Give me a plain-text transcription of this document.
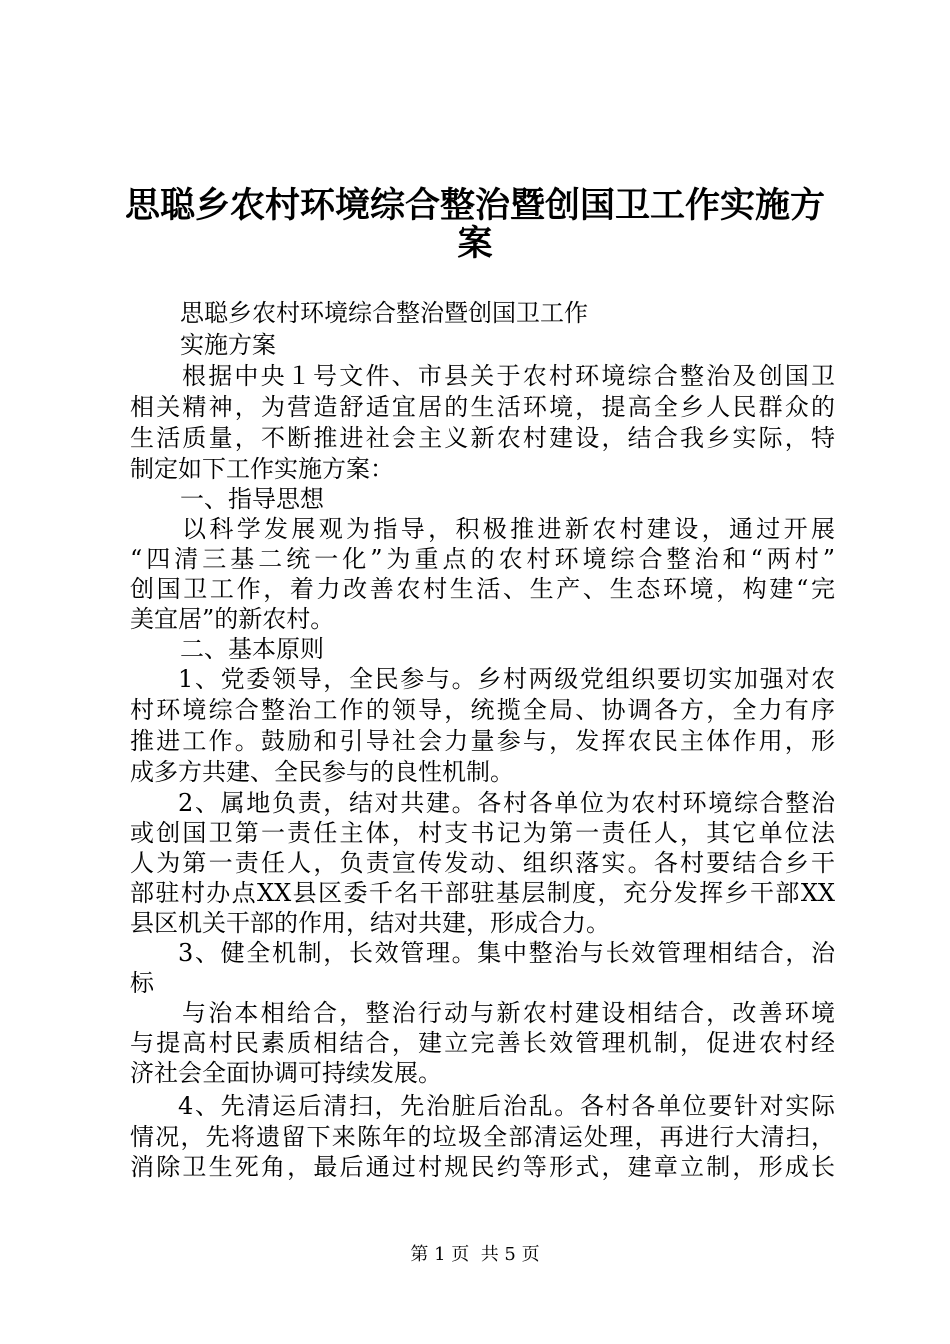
思聪乡农村环境综合整治暨创国卫工作实施方
案

思聪乡农村环境综合整治暨创国卫工作

实施方案

根据中央１号文件、市县关于农村环境综合整治及创国卫

相关精神，为营造舒适宜居的生活环境，提高全乡人民群众的

生活质量，不断推进社会主义新农村建设，结合我乡实际，特

制定如下工作实施方案：

一、指导思想

以科学发展观为指导，积极推进新农村建设，通过开展

“四清三基二统一化”为重点的农村环境综合整治和“两村”

创国卫工作，着力改善农村生活、生产、生态环境，构建“完

美宜居”的新农村。

二、基本原则

1、党委领导，全民参与。乡村两级党组织要切实加强对农

村环境综合整治工作的领导，统揽全局、协调各方，全力有序

推进工作。鼓励和引导社会力量参与，发挥农民主体作用，形

成多方共建、全民参与的良性机制。

2、属地负责，结对共建。各村各单位为农村环境综合整治

或创国卫第一责任主体，村支书记为第一责任人，其它单位法

人为第一责任人，负责宣传发动、组织落实。各村要结合乡干

部驻村办点XX县区委千名干部驻基层制度，充分发挥乡干部XX

县区机关干部的作用，结对共建，形成合力。

3、健全机制，长效管理。集中整治与长效管理相结合，治

标

与治本相给合，整治行动与新农村建设相结合，改善环境

与提高村民素质相结合，建立完善长效管理机制，促进农村经

济社会全面协调可持续发展。

4、先清运后清扫，先治脏后治乱。各村各单位要针对实际

情况，先将遗留下来陈年的垃圾全部清运处理，再进行大清扫，

消除卫生死角，最后通过村规民约等形式，建章立制，形成长

第 1 页  共 5 页
